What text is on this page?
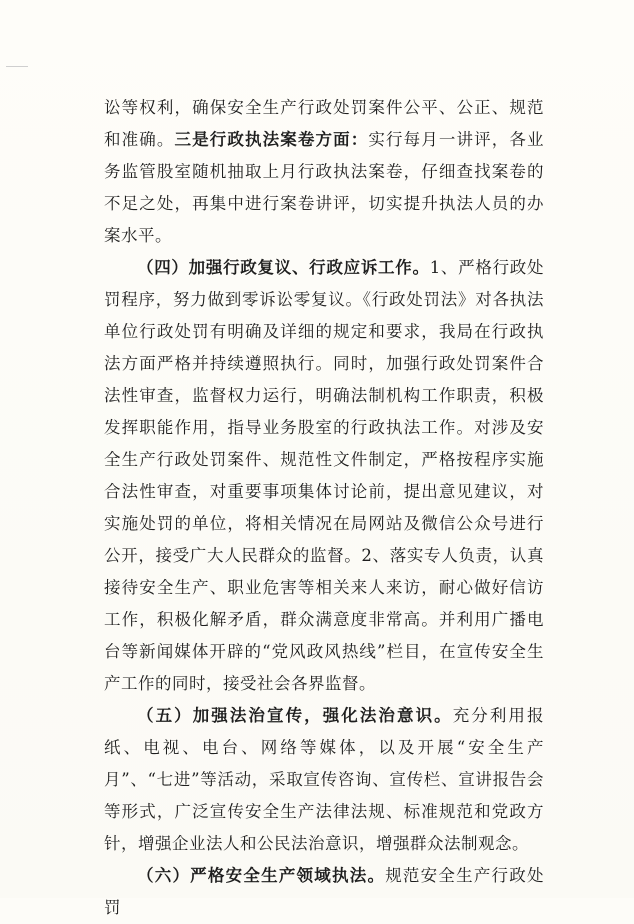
讼等权利，确保安全生产行政处罚案件公平、公正、规范和准确。三是行政执法案卷方面：实行每月一讲评，各业务监管股室随机抽取上月行政执法案卷，仔细查找案卷的不足之处，再集中进行案卷讲评，切实提升执法人员的办案水平。

（四）加强行政复议、行政应诉工作。1、严格行政处罚程序，努力做到零诉讼零复议。《行政处罚法》对各执法单位行政处罚有明确及详细的规定和要求，我局在行政执法方面严格并持续遵照执行。同时，加强行政处罚案件合法性审查，监督权力运行，明确法制机构工作职责，积极发挥职能作用，指导业务股室的行政执法工作。对涉及安全生产行政处罚案件、规范性文件制定，严格按程序实施合法性审查，对重要事项集体讨论前，提出意见建议，对实施处罚的单位，将相关情况在局网站及微信公众号进行公开，接受广大人民群众的监督。2、落实专人负责，认真接待安全生产、职业危害等相关来人来访，耐心做好信访工作，积极化解矛盾，群众满意度非常高。并利用广播电台等新闻媒体开辟的“党风政风热线”栏目，在宣传安全生产工作的同时，接受社会各界监督。

（五）加强法治宣传，强化法治意识。充分利用报纸、电视、电台、网络等媒体，以及开展“安全生产月”、“七进”等活动，采取宣传咨询、宣传栏、宣讲报告会等形式，广泛宣传安全生产法律法规、标准规范和党政方针，增强企业法人和公民法治意识，增强群众法制观念。

（六）严格安全生产领域执法。规范安全生产行政处罚
